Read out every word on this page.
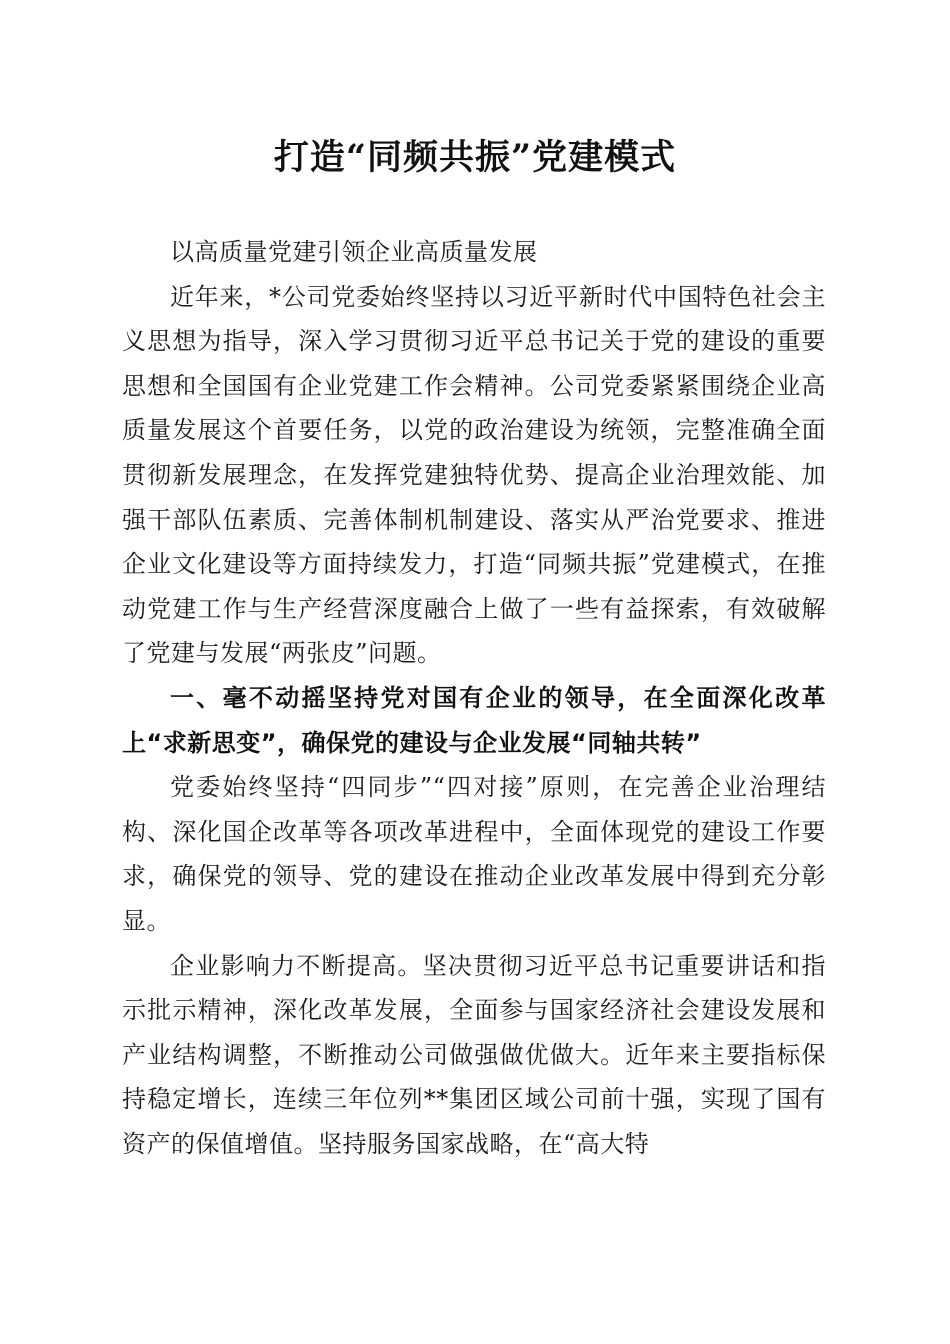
打造“同频共振”党建模式

以高质量党建引领企业高质量发展

近年来，*公司党委始终坚持以习近平新时代中国特色社会主义思想为指导，深入学习贯彻习近平总书记关于党的建设的重要思想和全国国有企业党建工作会精神。公司党委紧紧围绕企业高质量发展这个首要任务，以党的政治建设为统领，完整准确全面贯彻新发展理念，在发挥党建独特优势、提高企业治理效能、加强干部队伍素质、完善体制机制建设、落实从严治党要求、推进企业文化建设等方面持续发力，打造“同频共振”党建模式，在推动党建工作与生产经营深度融合上做了一些有益探索，有效破解了党建与发展“两张皮”问题。

一、毫不动摇坚持党对国有企业的领导，在全面深化改革上“求新思变”，确保党的建设与企业发展“同轴共转”

党委始终坚持“四同步”“四对接”原则，在完善企业治理结构、深化国企改革等各项改革进程中，全面体现党的建设工作要求，确保党的领导、党的建设在推动企业改革发展中得到充分彰显。

企业影响力不断提高。坚决贯彻习近平总书记重要讲话和指示批示精神，深化改革发展，全面参与国家经济社会建设发展和产业结构调整，不断推动公司做强做优做大。近年来主要指标保持稳定增长，连续三年位列**集团区域公司前十强，实现了国有资产的保值增值。坚持服务国家战略，在“高大特
